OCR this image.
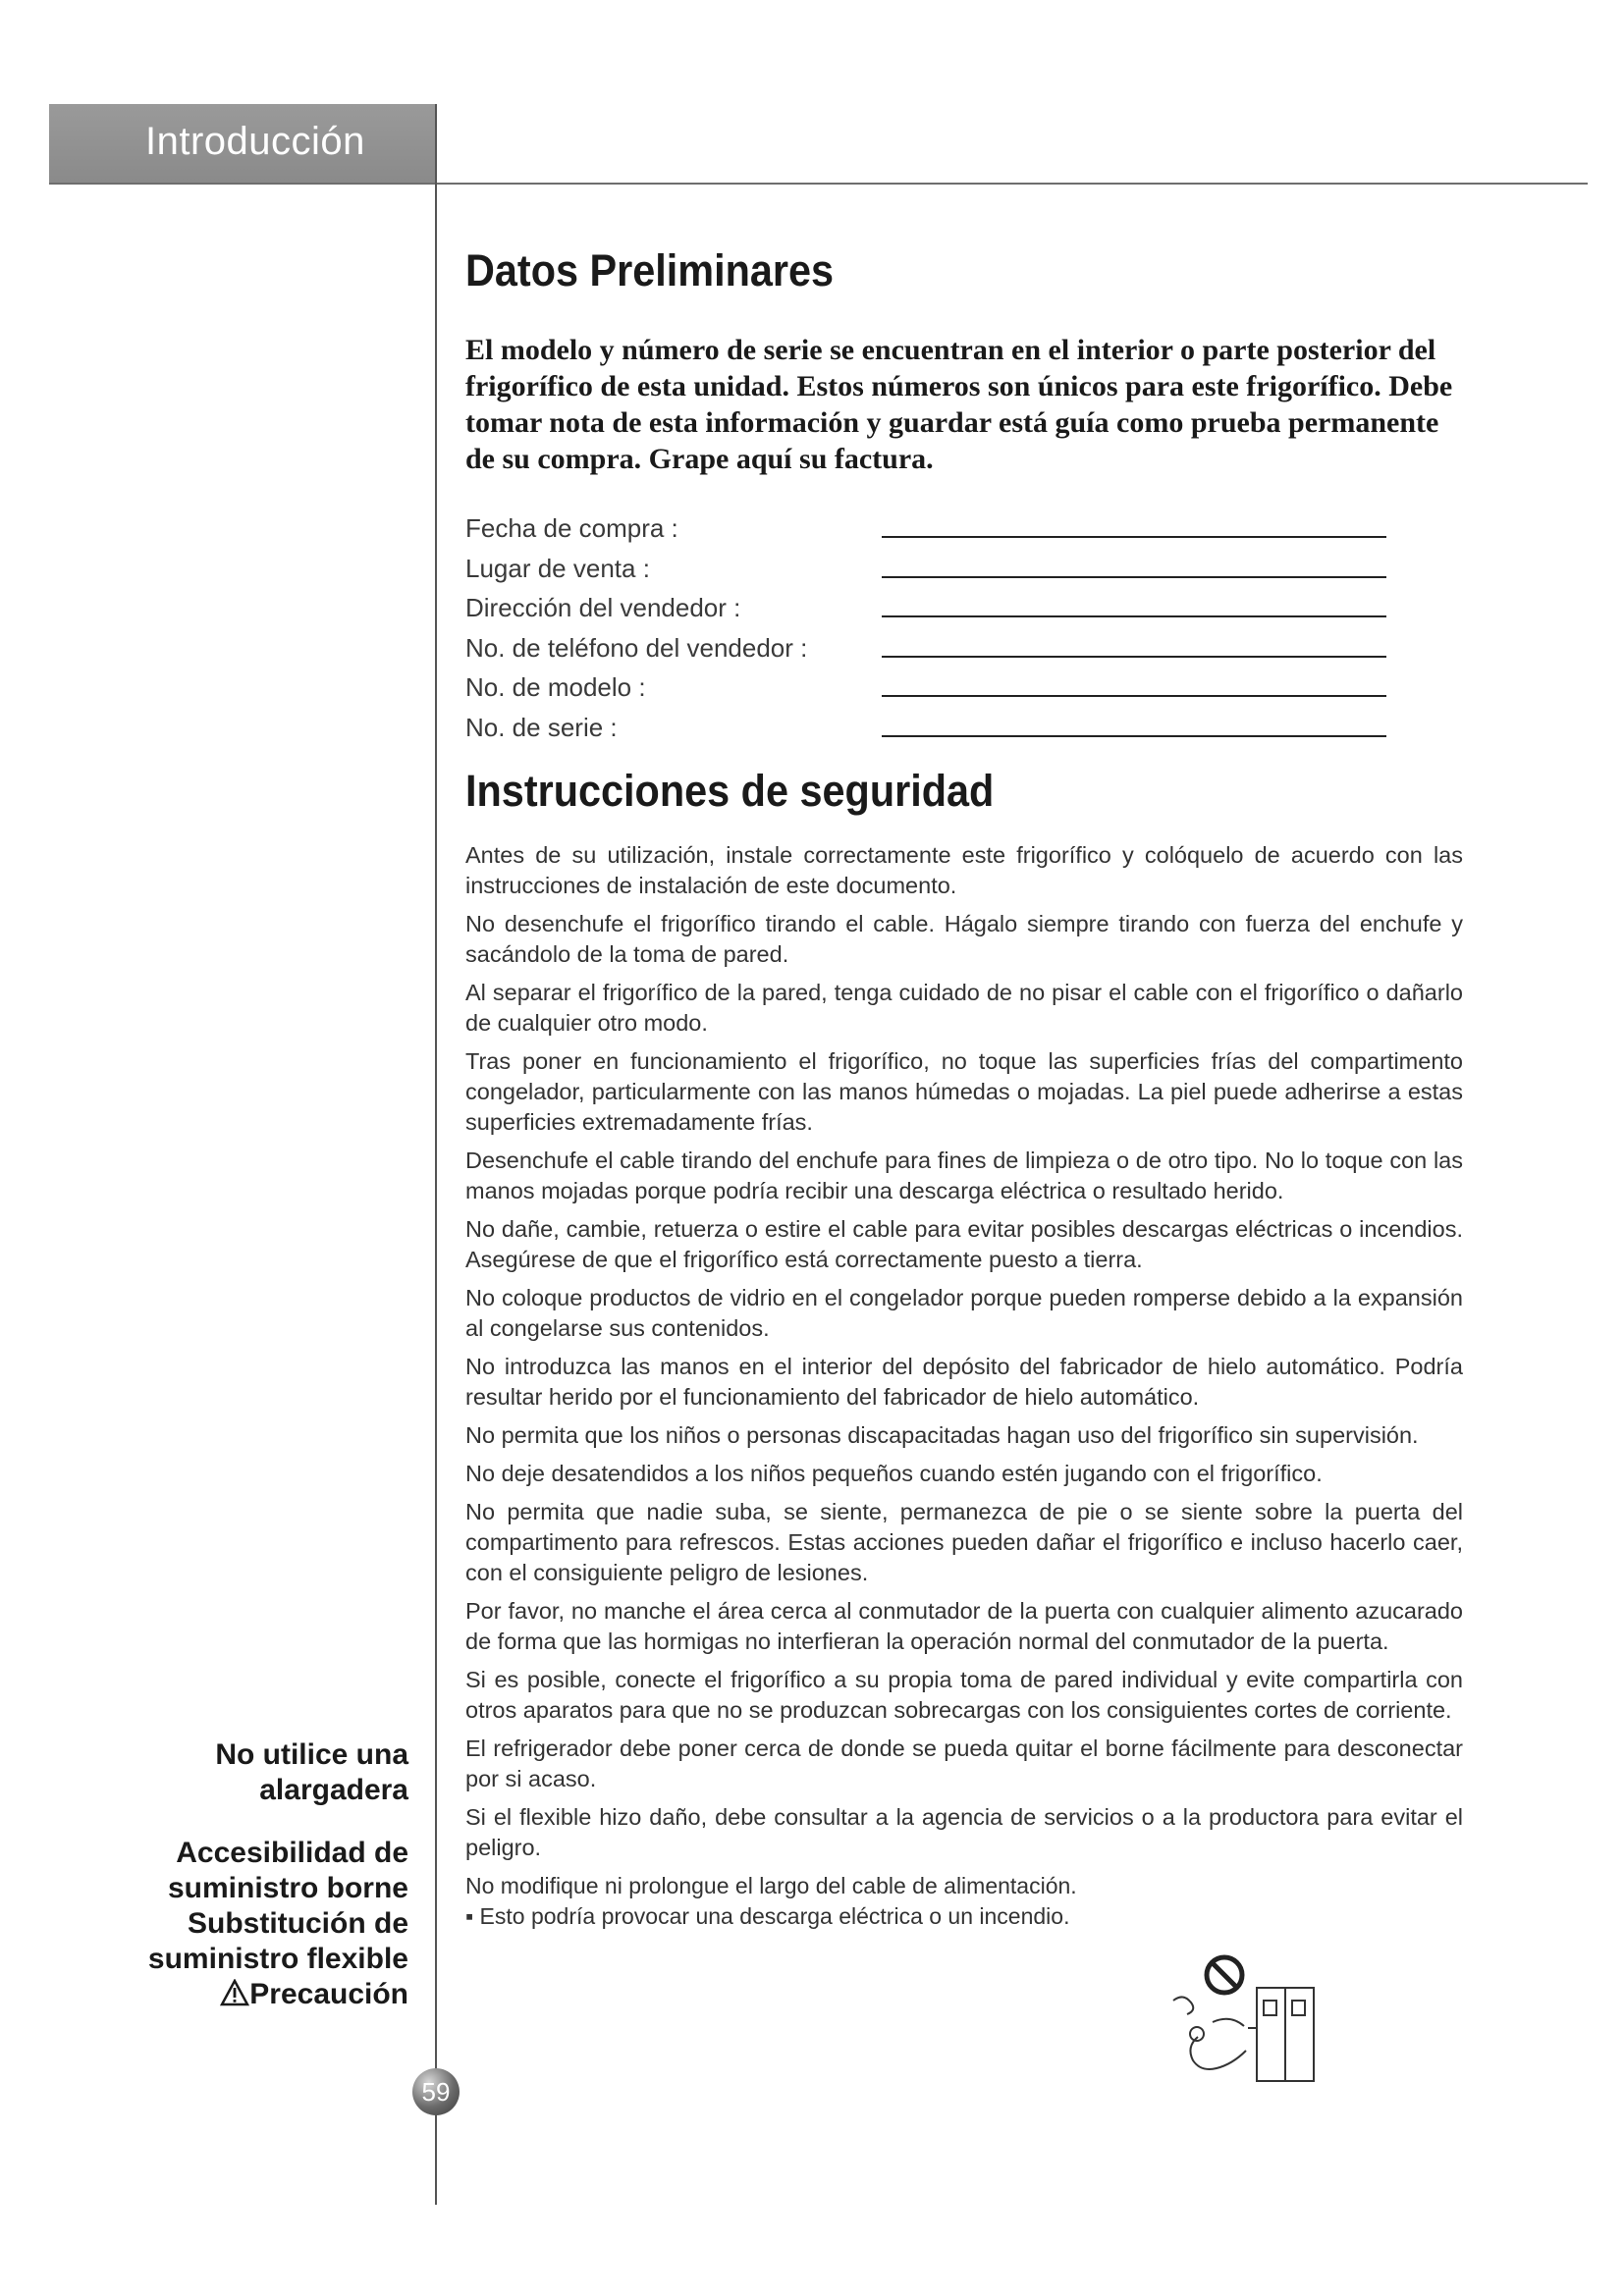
Introducción
59
Datos Preliminares

El modelo y número de serie se encuentran en el interior o parte posterior del frigorífico de esta unidad. Estos números son únicos para este frigorífico. Debe tomar nota de esta información y guardar está guía como prueba permanente de su compra. Grape aquí su factura.

Fecha de compra :
Lugar de venta :
Dirección del vendedor :
No. de teléfono del vendedor :
No. de modelo :
No. de serie :
Instrucciones de seguridad

Antes de su utilización, instale correctamente este frigorífico y colóquelo de acuerdo con las instrucciones de instalación de este documento.

No desenchufe el frigorífico tirando el cable. Hágalo siempre tirando con fuerza del enchufe y sacándolo de la toma de pared.

Al separar el frigorífico de la pared, tenga cuidado de no pisar el cable con el frigorífico o dañarlo de cualquier otro modo.

Tras poner en funcionamiento el frigorífico, no toque las superficies frías del compartimento congelador, particularmente con las manos húmedas o mojadas. La piel puede adherirse a estas superficies extremadamente frías.

Desenchufe el cable tirando del enchufe para fines de limpieza o de otro tipo. No lo toque con las manos mojadas porque podría recibir una descarga eléctrica o resultado herido.

No dañe, cambie, retuerza o estire el cable para evitar posibles descargas eléctricas o incendios. Asegúrese de que el frigorífico está correctamente puesto a tierra.

No coloque productos de vidrio en el congelador porque pueden romperse debido a la expansión al congelarse sus contenidos.

No introduzca las manos en el interior del depósito del fabricador de hielo automático. Podría resultar herido por el funcionamiento del fabricador de hielo automático.

No permita que los niños o personas discapacitadas hagan uso del frigorífico sin supervisión.

No deje desatendidos a los niños pequeños cuando estén jugando con el frigorífico.

No permita que nadie suba, se siente, permanezca de pie o se siente sobre la puerta del compartimento para refrescos. Estas acciones pueden dañar el frigorífico e incluso hacerlo caer, con el consiguiente peligro de lesiones.

Por favor, no manche el área cerca al conmutador de la puerta con cualquier alimento azucarado de forma que las hormigas no interfieran la operación normal del conmutador de la puerta.

Si es posible, conecte el frigorífico a su propia toma de pared individual y evite compartirla con otros aparatos para que no se produzcan sobrecargas con los consiguientes cortes de corriente.

El refrigerador debe poner cerca de donde se pueda quitar el borne fácilmente para desconectar por si acaso.

Si el flexible hizo daño, debe consultar a la agencia de servicios o a la productora para evitar el peligro.

No modifique ni prolongue el largo del cable de alimentación.
▪ Esto podría provocar una descarga eléctrica o un incendio.
No utilice una alargadera
Accesibilidad de suministro borne
Substitución de suministro flexible
Precaución
